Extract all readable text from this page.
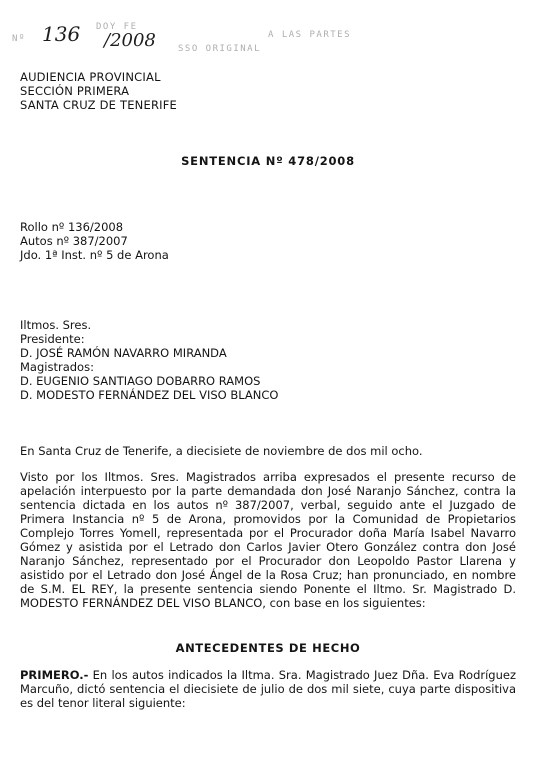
Nº
DOY FE
SSO ORIGINAL
A LAS PARTES
136 /2008
AUDIENCIA PROVINCIAL
SECCIÓN PRIMERA
SANTA CRUZ DE TENERIFE
SENTENCIA Nº 478/2008
Rollo nº 136/2008
Autos nº 387/2007
Jdo. 1ª Inst. nº 5 de Arona
Iltmos. Sres.
Presidente:
D. JOSÉ RAMÓN NAVARRO MIRANDA
Magistrados:
D. EUGENIO SANTIAGO DOBARRO RAMOS
D. MODESTO FERNÁNDEZ DEL VISO BLANCO
En Santa Cruz de Tenerife, a diecisiete de noviembre de dos mil ocho.
Visto por los Iltmos. Sres. Magistrados arriba expresados el presente recurso de apelación interpuesto por la parte demandada don José Naranjo Sánchez, contra la sentencia dictada en los autos nº 387/2007, verbal, seguido ante el Juzgado de Primera Instancia nº 5 de Arona, promovidos por la Comunidad de Propietarios Complejo Torres Yomell, representada por el Procurador doña María Isabel Navarro Gómez y asistida por el Letrado don Carlos Javier Otero González contra don José Naranjo Sánchez, representado por el Procurador don Leopoldo Pastor Llarena y asistido por el Letrado don José Ángel de la Rosa Cruz; han pronunciado, en nombre de S.M. EL REY, la presente sentencia siendo Ponente el Iltmo. Sr. Magistrado D. MODESTO FERNÁNDEZ DEL VISO BLANCO, con base en los siguientes:
ANTECEDENTES DE HECHO
PRIMERO.- En los autos indicados la Iltma. Sra. Magistrado Juez Dña. Eva Rodríguez Marcuño, dictó sentencia el diecisiete de julio de dos mil siete, cuya parte dispositiva es del tenor literal siguiente:
